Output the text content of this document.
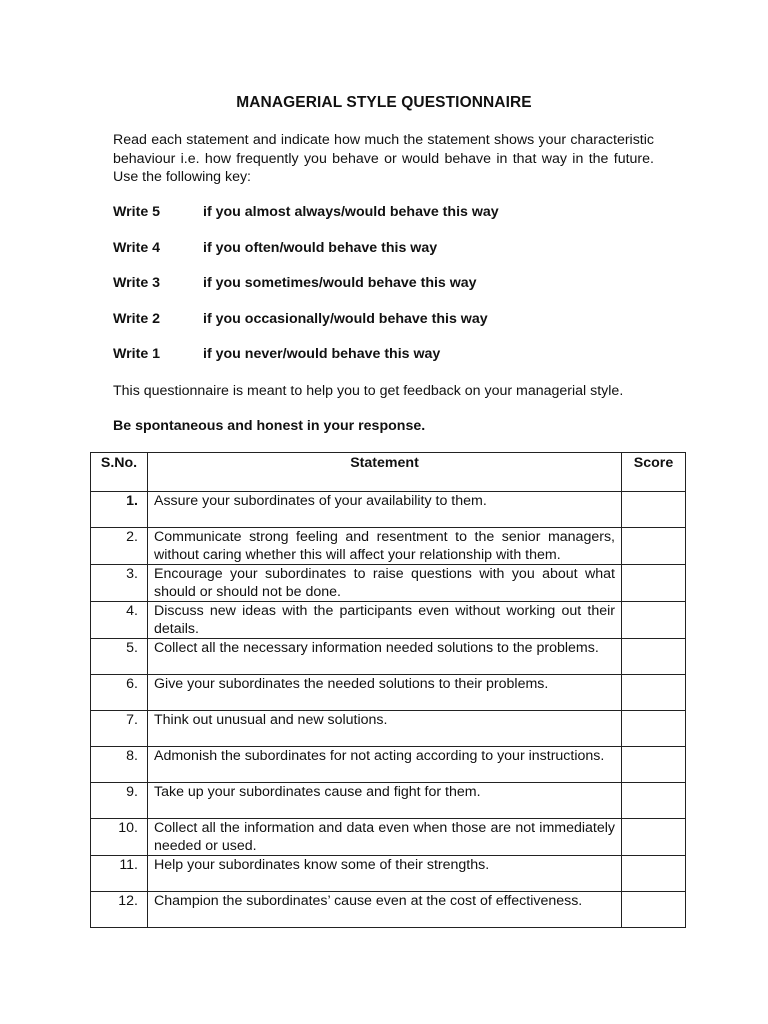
MANAGERIAL STYLE QUESTIONNAIRE

Read each statement and indicate how much the statement shows your characteristic behaviour i.e. how frequently you behave or would behave in that way in the future. Use the following key:

Write 5	if you almost always/would behave this way
Write 4	if you often/would behave this way
Write 3	if you sometimes/would behave this way
Write 2	if you occasionally/would behave this way
Write 1	if you never/would behave this way

This questionnaire is meant to help you to get feedback on your managerial style.

Be spontaneous and honest in your response.

S.No.	Statement	Score
1.	Assure your subordinates of your availability to them.	
2.	Communicate strong feeling and resentment to the senior managers, without caring whether this will affect your relationship with them.	
3.	Encourage your subordinates to raise questions with you about what should or should not be done.	
4.	Discuss new ideas with the participants even without working out their details.	
5.	Collect all the necessary information needed solutions to the problems.	
6.	Give your subordinates the needed solutions to their problems.	
7.	Think out unusual and new solutions.	
8.	Admonish the subordinates for not acting according to your instructions.	
9.	Take up your subordinates cause and fight for them.	
10.	Collect all the information and data even when those are not immediately needed or used.	
11.	Help your subordinates know some of their strengths.	
12.	Champion the subordinates’ cause even at the cost of effectiveness.	
